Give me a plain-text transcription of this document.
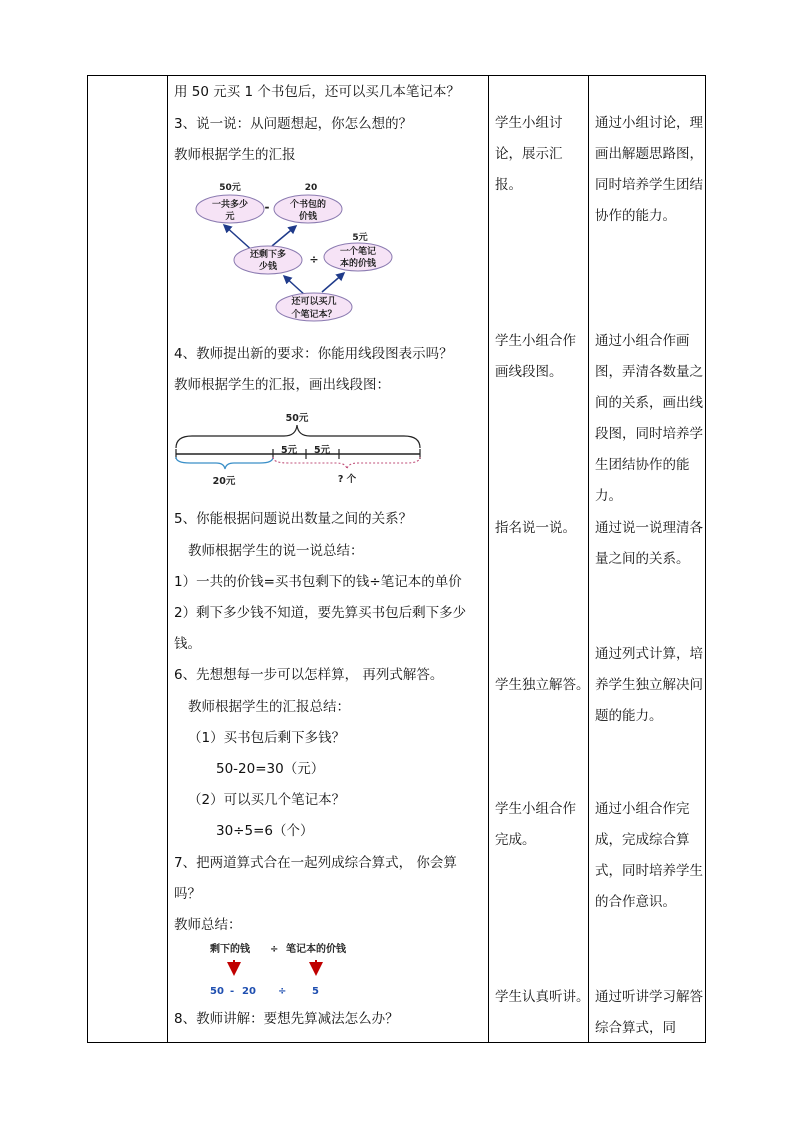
用 50 元买 1 个书包后，还可以买几本笔记本？
3、说一说：从问题想起，你怎么想的？
教师根据学生的汇报
50元
一共多少
元
-
20
个书包的
价钱
还剩下多
少钱
÷
5元
一个笔记
本的价钱
还可以买几
个笔记本？
4、教师提出新的要求：你能用线段图表示吗？
教师根据学生的汇报，画出线段图：
50元
5元 5元
20元	? 个
5、你能根据问题说出数量之间的关系？
教师根据学生的说一说总结：
1）一共的价钱=买书包剩下的钱÷笔记本的单价
2）剩下多少钱不知道，要先算买书包后剩下多少
钱。
6、先想想每一步可以怎样算， 再列式解答。
教师根据学生的汇报总结：
（1）买书包后剩下多钱？
50-20=30（元）
（2）可以买几个笔记本？
30÷5=6（个）
7、把两道算式合在一起列成综合算式， 你会算
吗？
教师总结：
剩下的钱 ÷ 笔记本的价钱
50 - 20 ÷	5
8、教师讲解：要想先算减法怎么办？
学生小组讨论，展示汇报。
学生小组合作画线段图。
指名说一说。
学生独立解答。
学生小组合作完成。
学生认真听讲。
通过小组讨论，理画出解题思路图，同时培养学生团结协作的能力。
通过小组合作画图，弄清各数量之间的关系，画出线段图，同时培养学生团结协作的能力。
通过说一说理清各量之间的关系。
通过列式计算，培养学生独立解决问题的能力。
通过小组合作完成，完成综合算式，同时培养学生的合作意识。
通过听讲学习解答综合算式，同
